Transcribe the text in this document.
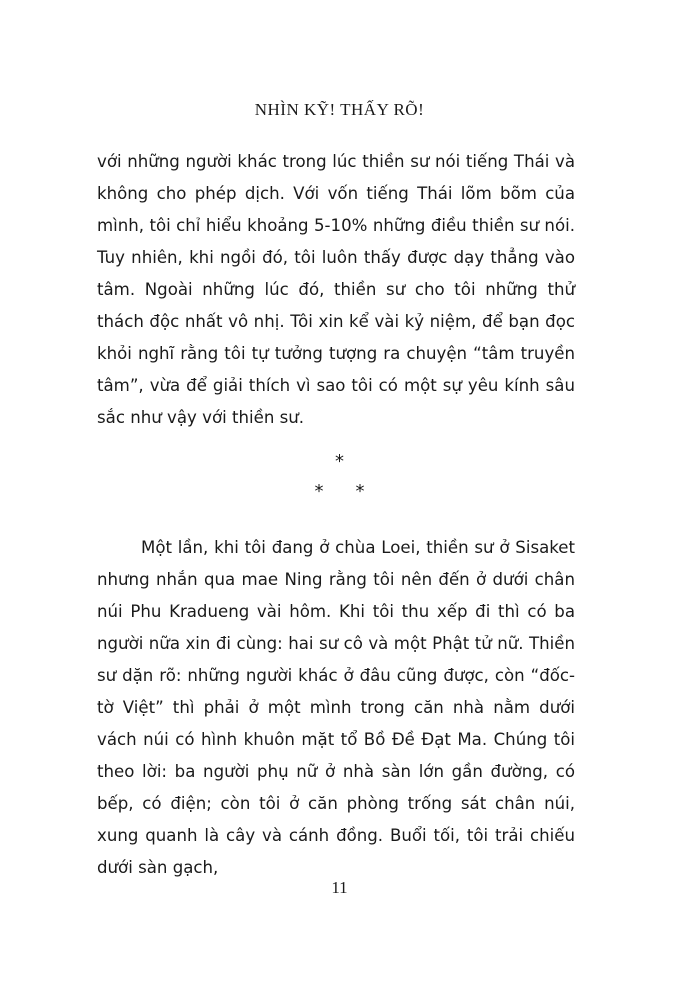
NHÌN KỸ! THẤY RÕ!
với những người khác trong lúc thiền sư nói tiếng Thái và không cho phép dịch. Với vốn tiếng Thái lõm bõm của mình, tôi chỉ hiểu khoảng 5-10% những điều thiền sư nói. Tuy nhiên, khi ngồi đó, tôi luôn thấy được dạy thẳng vào tâm. Ngoài những lúc đó, thiền sư cho tôi những thử thách độc nhất vô nhị. Tôi xin kể vài kỷ niệm, để bạn đọc khỏi nghĩ rằng tôi tự tưởng tượng ra chuyện “tâm truyền tâm”, vừa để giải thích vì sao tôi có một sự yêu kính sâu sắc như vậy với thiền sư.
*
* *
Một lần, khi tôi đang ở chùa Loei, thiền sư ở Sisaket nhưng nhắn qua mae Ning rằng tôi nên đến ở dưới chân núi Phu Kradueng vài hôm. Khi tôi thu xếp đi thì có ba người nữa xin đi cùng: hai sư cô và một Phật tử nữ. Thiền sư dặn rõ: những người khác ở đâu cũng được, còn “đốc-tờ Việt” thì phải ở một mình trong căn nhà nằm dưới vách núi có hình khuôn mặt tổ Bồ Đề Đạt Ma. Chúng tôi theo lời: ba người phụ nữ ở nhà sàn lớn gần đường, có bếp, có điện; còn tôi ở căn phòng trống sát chân núi, xung quanh là cây và cánh đồng. Buổi tối, tôi trải chiếu dưới sàn gạch,
11
